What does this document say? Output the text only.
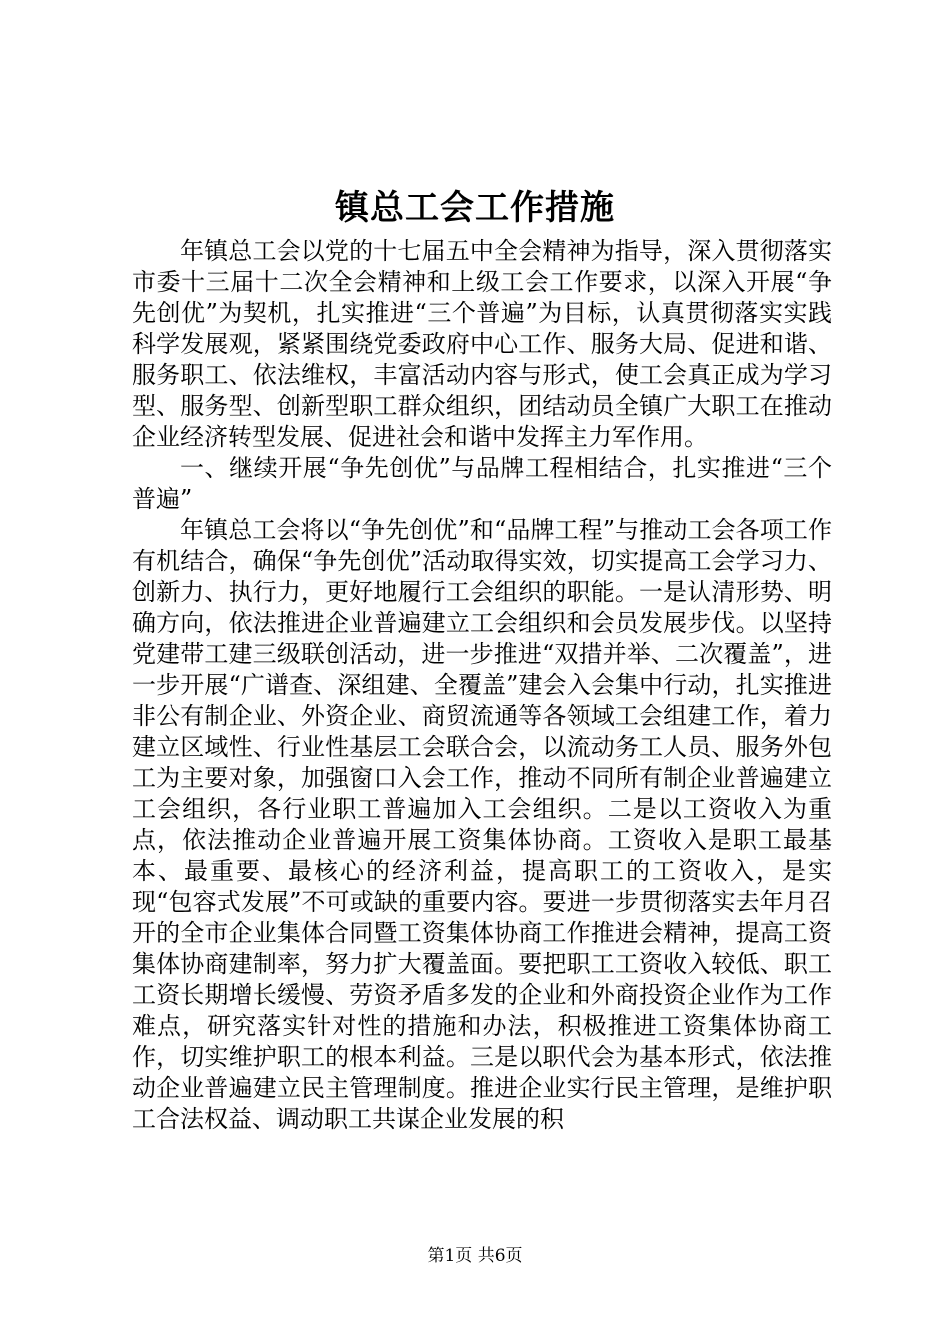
镇总工会工作措施

年镇总工会以党的十七届五中全会精神为指导，深入贯彻落实市委十三届十二次全会精神和上级工会工作要求，以深入开展“争先创优”为契机，扎实推进“三个普遍”为目标，认真贯彻落实实践科学发展观，紧紧围绕党委政府中心工作、服务大局、促进和谐、服务职工、依法维权，丰富活动内容与形式，使工会真正成为学习型、服务型、创新型职工群众组织，团结动员全镇广大职工在推动企业经济转型发展、促进社会和谐中发挥主力军作用。

一、继续开展“争先创优”与品牌工程相结合，扎实推进“三个普遍”

年镇总工会将以“争先创优”和“品牌工程”与推动工会各项工作有机结合，确保“争先创优”活动取得实效，切实提高工会学习力、创新力、执行力，更好地履行工会组织的职能。一是认清形势、明确方向，依法推进企业普遍建立工会组织和会员发展步伐。以坚持党建带工建三级联创活动，进一步推进“双措并举、二次覆盖”，进一步开展“广谱查、深组建、全覆盖”建会入会集中行动，扎实推进非公有制企业、外资企业、商贸流通等各领域工会组建工作，着力建立区域性、行业性基层工会联合会，以流动务工人员、服务外包工为主要对象，加强窗口入会工作，推动不同所有制企业普遍建立工会组织，各行业职工普遍加入工会组织。二是以工资收入为重点，依法推动企业普遍开展工资集体协商。工资收入是职工最基本、最重要、最核心的经济利益，提高职工的工资收入，是实现“包容式发展”不可或缺的重要内容。要进一步贯彻落实去年月召开的全市企业集体合同暨工资集体协商工作推进会精神，提高工资集体协商建制率，努力扩大覆盖面。要把职工工资收入较低、职工工资长期增长缓慢、劳资矛盾多发的企业和外商投资企业作为工作难点，研究落实针对性的措施和办法，积极推进工资集体协商工作，切实维护职工的根本利益。三是以职代会为基本形式，依法推动企业普遍建立民主管理制度。推进企业实行民主管理，是维护职工合法权益、调动职工共谋企业发展的积

第1页 共6页
